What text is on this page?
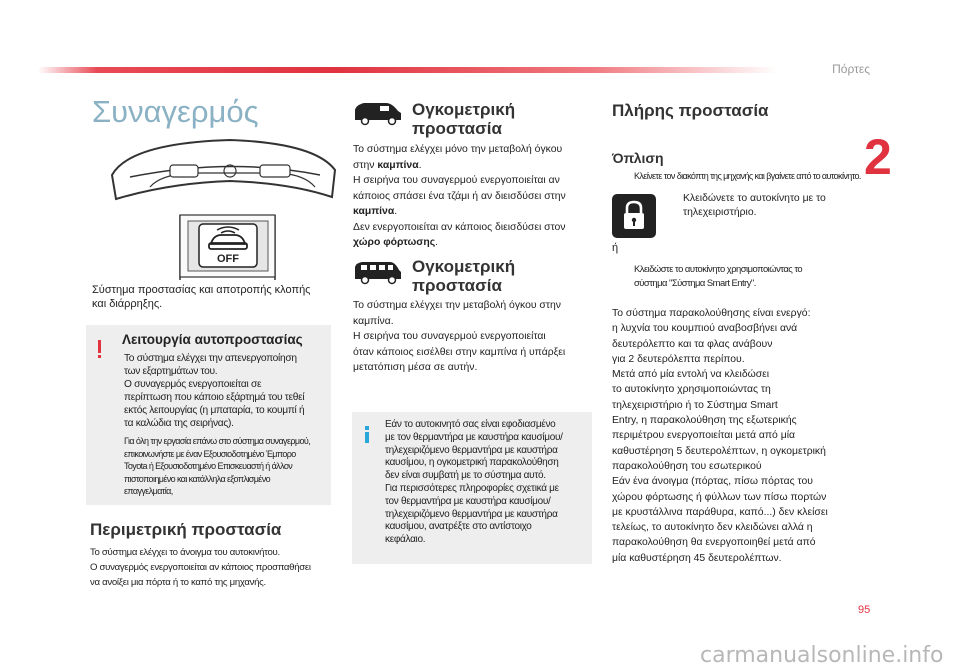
Πόρτες
2
95
Συναγερμός
OFF
Σύστημα προστασίας και αποτροπής κλοπής
και διάρρηξης.
Λειτουργία αυτοπροστασίας
Το σύστημα ελέγχει την απενεργοποίηση
των εξαρτημάτων του.
Ο συναγερμός ενεργοποιείται σε
περίπτωση που κάποιο εξάρτημά του τεθεί
εκτός λειτουργίας (η μπαταρία, το κουμπί ή
τα καλώδια της σειρήνας).
Για όλη την εργασία επάνω στο σύστημα συναγερμού,
επικοινωνήστε με έναν Εξουσιοδοτημένο Έμπορο
Toyota ή Εξουσιοδοτημένο Επισκευαστή ή άλλον
πιστοποιημένο και κατάλληλα εξοπλισμένο
επαγγελματία,
Περιμετρική προστασία
Το σύστημα ελέγχει το άνοιγμα του αυτοκινήτου.
Ο συναγερμός ενεργοποιείται αν κάποιος προσπαθήσει
να ανοίξει μια πόρτα ή το καπό της μηχανής.
Ογκομετρική
προστασία
Το σύστημα ελέγχει μόνο την μεταβολή όγκου
στην καμπίνα.
Η σειρήνα του συναγερμού ενεργοποιείται αν
κάποιος σπάσει ένα τζάμι ή αν διεισδύσει στην
καμπίνα.
Δεν ενεργοποιείται αν κάποιος διεισδύσει στον
χώρο φόρτωσης.
Ογκομετρική
προστασία
Το σύστημα ελέγχει την μεταβολή όγκου στην
καμπίνα.
Η σειρήνα του συναγερμού ενεργοποιείται
όταν κάποιος εισέλθει στην καμπίνα ή υπάρξει
μετατόπιση μέσα σε αυτήν.
Εάν το αυτοκινητό σας είναι εφοδιασμένο
με τον θερμαντήρα με καυστήρα καυσίμου/
τηλεχειριζόμενο θερμαντήρα με καυστήρα
καυσίμου, η ογκομετρική παρακολούθηση
δεν είναι συμβατή με το σύστημα αυτό.
Για περισσότερες πληροφορίες σχετικά με
τον θερμαντήρα με καυστήρα καυσίμου/
τηλεχειριζόμενο θερμαντήρα με καυστήρα
καυσίμου, ανατρέξτε στο αντίστοιχο
κεφάλαιο.
Πλήρης προστασία
Όπλιση
Κλείνετε τον διακόπτη της μηχανής και βγαίνετε από το αυτοκίνητο.
Κλειδώνετε το αυτοκίνητο με το
τηλεχειριστήριο.
ή
Κλειδώστε το αυτοκίνητο χρησιμοποιώντας το
σύστημα "Σύστημα Smart Entry".
Το σύστημα παρακολούθησης είναι ενεργό:
η λυχνία του κουμπιού αναβοσβήνει ανά
δευτερόλεπτο και τα φλας ανάβουν
για 2 δευτερόλεπτα περίπου.
Μετά από μία εντολή να κλειδώσει
το αυτοκίνητο χρησιμοποιώντας τη
τηλεχειριστήριο ή το Σύστημα Smart
Entry, η παρακολούθηση της εξωτερικής
περιμέτρου ενεργοποιείται μετά από μία
καθυστέρηση 5 δευτερολέπτων, η ογκομετρική
παρακολούθηση του εσωτερικού
Εάν ένα άνοιγμα (πόρτας, πίσω πόρτας του
χώρου φόρτωσης ή φύλλων των πίσω πορτών
με κρυστάλλινα παράθυρα, καπό...) δεν κλείσει
τελείως, το αυτοκίνητο δεν κλειδώνει αλλά η
παρακολούθηση θα ενεργοποιηθεί μετά από
μία καθυστέρηση 45 δευτερολέπτων.
carmanualsonline.info
